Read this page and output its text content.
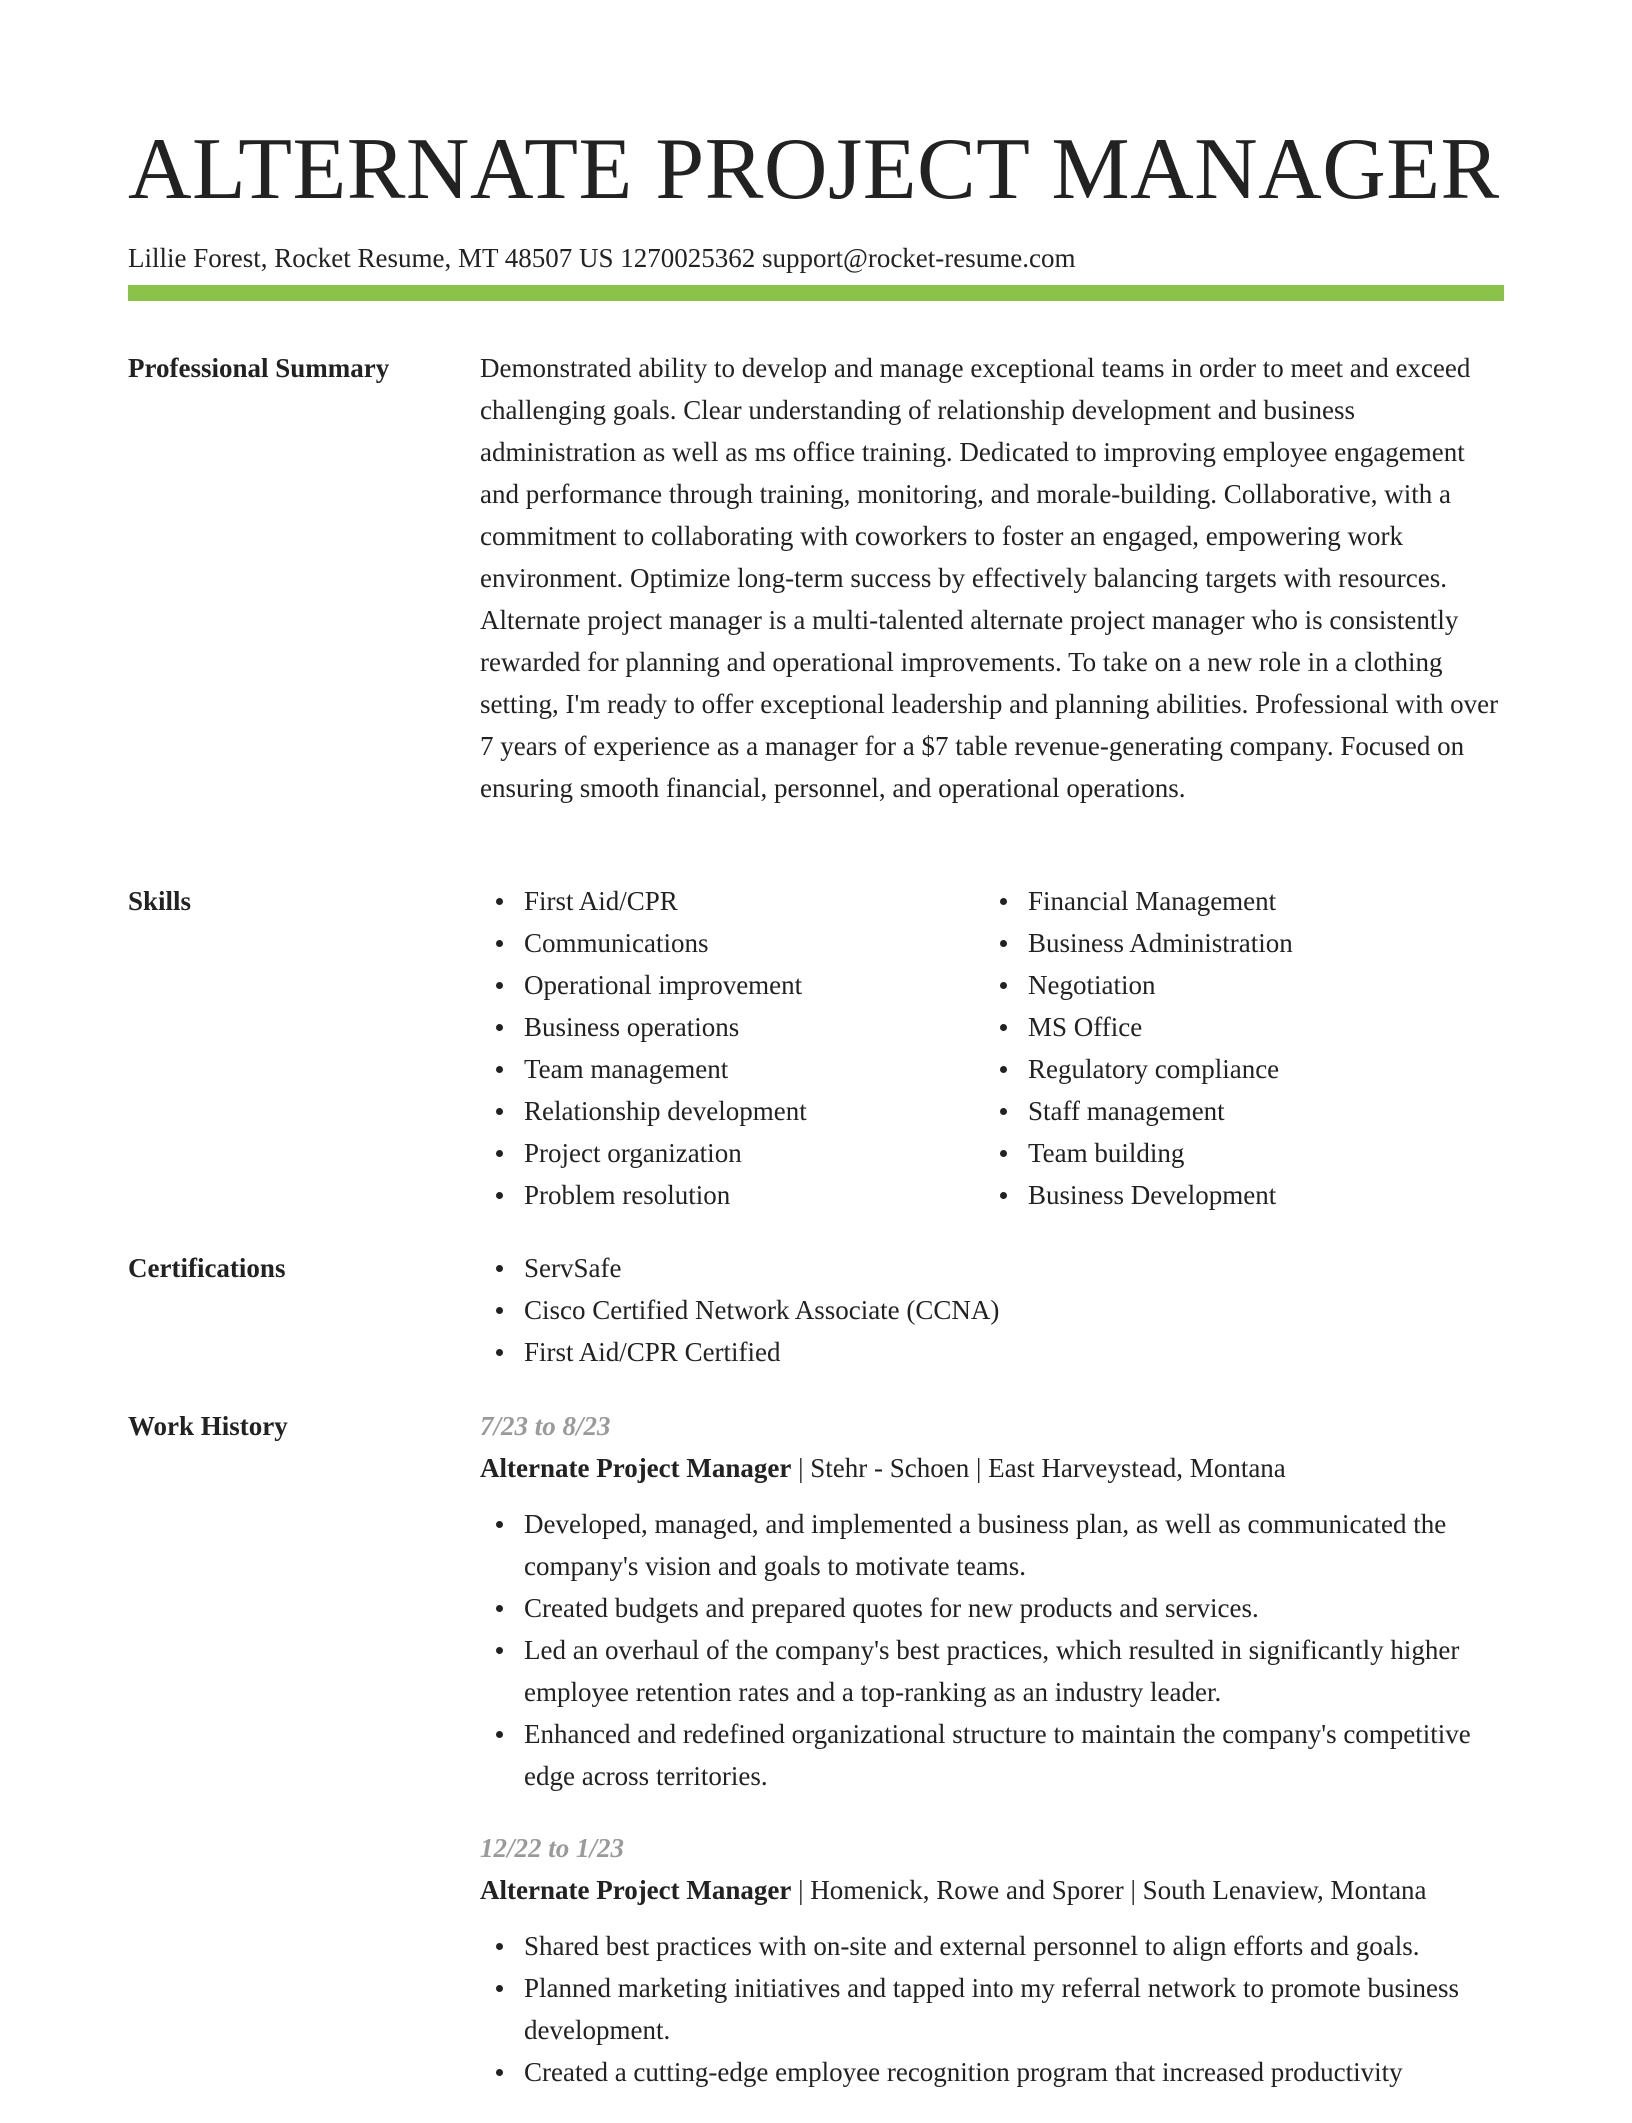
ALTERNATE PROJECT MANAGER
Lillie Forest, Rocket Resume, MT 48507 US 1270025362 support@rocket-resume.com
Professional Summary	Demonstrated ability to develop and manage exceptional teams in order to meet and exceed challenging goals. Clear understanding of relationship development and business administration as well as ms office training. Dedicated to improving employee engagement and performance through training, monitoring, and morale-building. Collaborative, with a commitment to collaborating with coworkers to foster an engaged, empowering work environment. Optimize long-term success by effectively balancing targets with resources. Alternate project manager is a multi-talented alternate project manager who is consistently rewarded for planning and operational improvements. To take on a new role in a clothing setting, I'm ready to offer exceptional leadership and planning abilities. Professional with over 7 years of experience as a manager for a $7 table revenue-generating company. Focused on ensuring smooth financial, personnel, and operational operations.

Skills	First Aid/CPR
Communications
Operational improvement
Business operations
Team management
Relationship development
Project organization
Problem resolution
Financial Management
Business Administration
Negotiation
MS Office
Regulatory compliance
Staff management
Team building
Business Development
Certifications	ServSafe
Cisco Certified Network Associate (CCNA)
First Aid/CPR Certified
Work History	7/23 to 8/23
Alternate Project Manager | Stehr - Schoen | East Harveystead, Montana
Developed, managed, and implemented a business plan, as well as communicated the company's vision and goals to motivate teams.
Created budgets and prepared quotes for new products and services.
Led an overhaul of the company's best practices, which resulted in significantly higher employee retention rates and a top-ranking as an industry leader.
Enhanced and redefined organizational structure to maintain the company's competitive edge across territories.
12/22 to 1/23
Alternate Project Manager | Homenick, Rowe and Sporer | South Lenaview, Montana
Shared best practices with on-site and external personnel to align efforts and goals.
Planned marketing initiatives and tapped into my referral network to promote business development.
Created a cutting-edge employee recognition program that increased productivity
